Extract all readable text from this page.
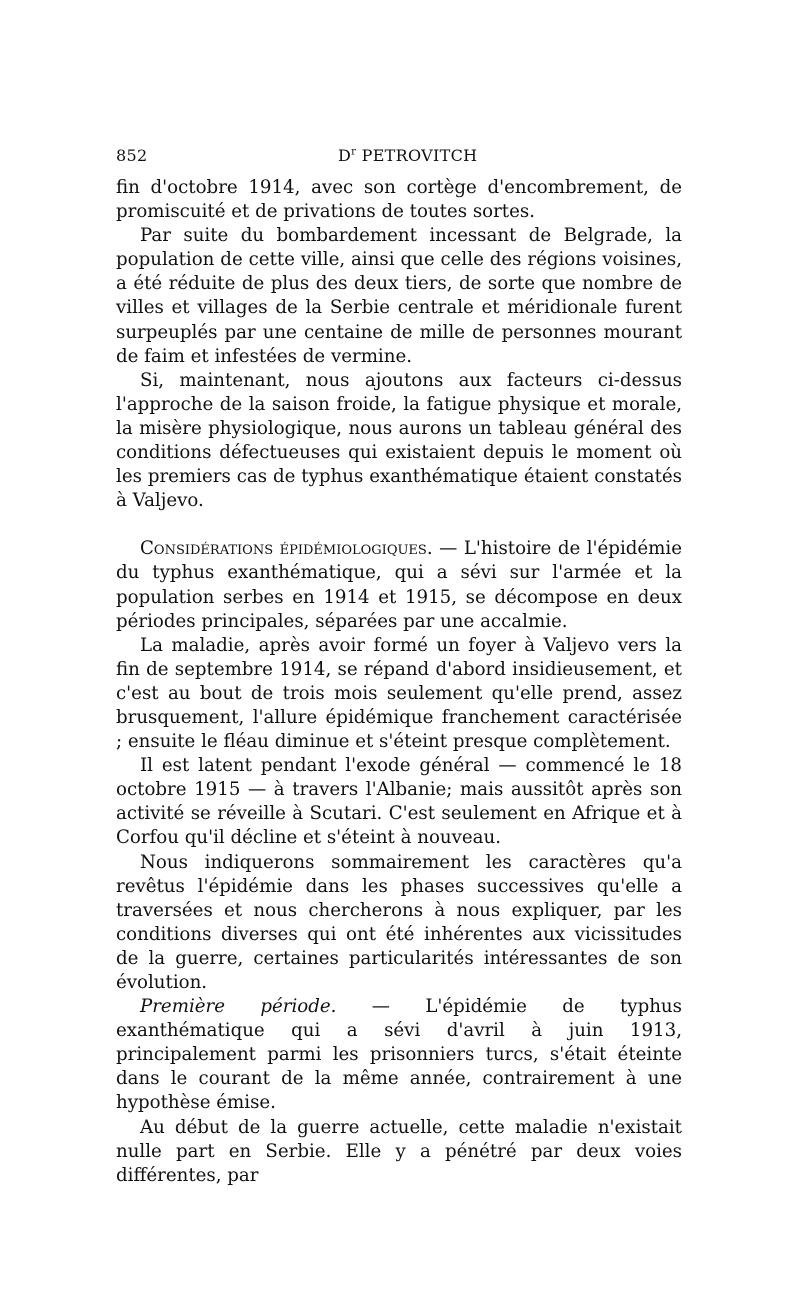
852	$D^r$ PETROVITCH

fin d'octobre 1914, avec son cortège d'encombrement, de promiscuité et de privations de toutes sortes.

Par suite du bombardement incessant de Belgrade, la population de cette ville, ainsi que celle des régions voisines, a été réduite de plus des deux tiers, de sorte que nombre de villes et villages de la Serbie centrale et méridionale furent surpeuplés par une centaine de mille de personnes mourant de faim et infestées de vermine.

Si, maintenant, nous ajoutons aux facteurs ci-dessus l'approche de la saison froide, la fatigue physique et morale, la misère physiologique, nous aurons un tableau général des conditions défectueuses qui existaient depuis le moment où les premiers cas de typhus exanthématique étaient constatés à Valjevo.

Considérations épidémiologiques. — L'histoire de l'épidémie du typhus exanthématique, qui a sévi sur l'armée et la population serbes en 1914 et 1915, se décompose en deux périodes principales, séparées par une accalmie.

La maladie, après avoir formé un foyer à Valjevo vers la fin de septembre 1914, se répand d'abord insidieusement, et c'est au bout de trois mois seulement qu'elle prend, assez brusquement, l'allure épidémique franchement caractérisée ; ensuite le fléau diminue et s'éteint presque complètement.

Il est latent pendant l'exode général — commencé le 18 octobre 1915 — à travers l'Albanie; mais aussitôt après son activité se réveille à Scutari. C'est seulement en Afrique et à Corfou qu'il décline et s'éteint à nouveau.

Nous indiquerons sommairement les caractères qu'a revêtus l'épidémie dans les phases successives qu'elle a traversées et nous chercherons à nous expliquer, par les conditions diverses qui ont été inhérentes aux vicissitudes de la guerre, certaines particularités intéressantes de son évolution.

Première période. — L'épidémie de typhus exanthématique qui a sévi d'avril à juin 1913, principalement parmi les prisonniers turcs, s'était éteinte dans le courant de la même année, contrairement à une hypothèse émise.

Au début de la guerre actuelle, cette maladie n'existait nulle part en Serbie. Elle y a pénétré par deux voies différentes, par
